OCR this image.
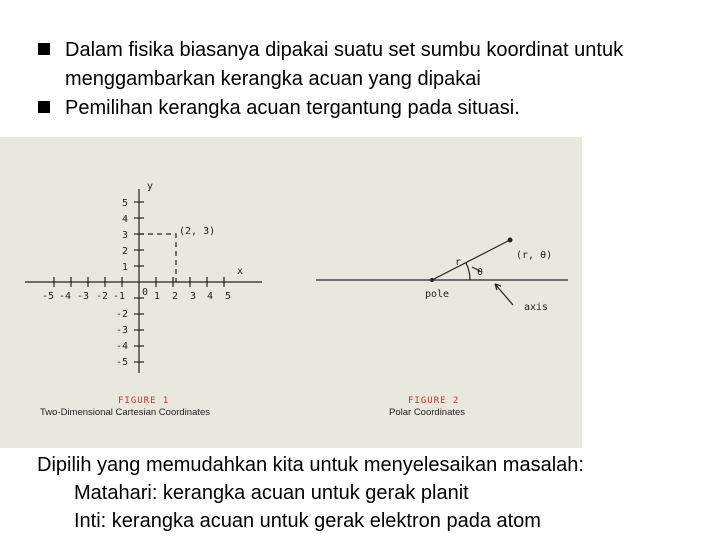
Dalam fisika biasanya dipakai suatu set sumbu koordinat untuk menggambarkan kerangka acuan yang dipakai
Pemilihan kerangka acuan tergantung pada situasi.
y
x
0
5
4
3
2
1
-2
-3
-4
-5
-5 -4 -3 -2 -1	1 2 3 4 5
(2, 3)
FIGURE 1
Two-Dimensional Cartesian Coordinates
r
(r, θ)
θ
pole
axis
FIGURE 2
Polar Coordinates
Dipilih yang memudahkan kita untuk menyelesaikan masalah:
Matahari: kerangka acuan untuk gerak planit
Inti: kerangka acuan untuk gerak elektron pada atom
